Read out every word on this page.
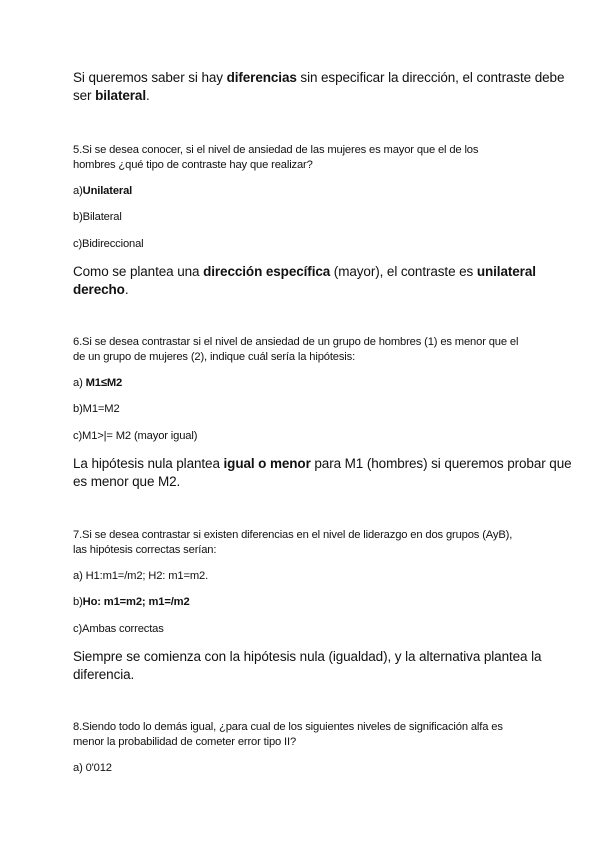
Si queremos saber si hay diferencias sin especificar la dirección, el contraste debe
ser bilateral.
5.Si se desea conocer, si el nivel de ansiedad de las mujeres es mayor que el de los
hombres ¿qué tipo de contraste hay que realizar?
a)Unilateral
b)Bilateral
c)Bidireccional
Como se plantea una dirección específica (mayor), el contraste es unilateral
derecho.
6.Si se desea contrastar si el nivel de ansiedad de un grupo de hombres (1) es menor que el
de un grupo de mujeres (2), indique cuál sería la hipótesis:
a) M1≤M2
b)M1=M2
c)M1>|= M2 (mayor igual)
La hipótesis nula plantea igual o menor para M1 (hombres) si queremos probar que
es menor que M2.
7.Si se desea contrastar si existen diferencias en el nivel de liderazgo en dos grupos (AyB),
las hipótesis correctas serían:
a) H1:m1=/m2; H2: m1=m2.
b)Ho: m1=m2; m1=/m2
c)Ambas correctas
Siempre se comienza con la hipótesis nula (igualdad), y la alternativa plantea la
diferencia.
8.Siendo todo lo demás igual, ¿para cual de los siguientes niveles de significación alfa es
menor la probabilidad de cometer error tipo II?
a) 0'012
